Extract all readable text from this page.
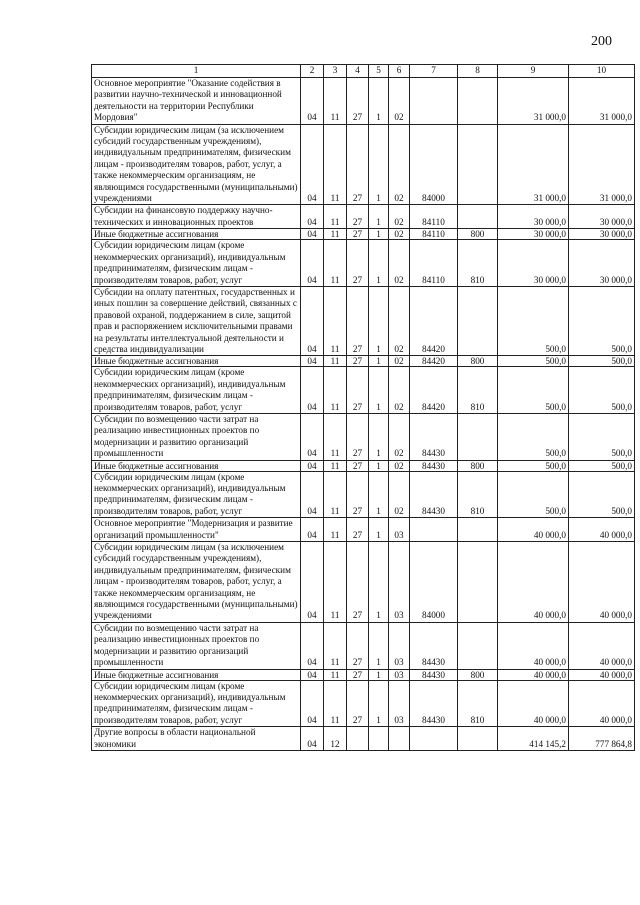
200
1	2	3	4	5	6	7	8	9	10
Основное мероприятие "Оказание содействия в развитии научно-технической и инновационной деятельности на территории Республики Мордовия"	04	11	27	1	02			31 000,0	31 000,0
Субсидии юридическим лицам (за исключением субсидий государственным учреждениям), индивидуальным предпринимателям, физическим лицам - производителям товаров, работ, услуг, а также некоммерческим организациям, не являющимся государственными (муниципальными) учреждениями	04	11	27	1	02	84000		31 000,0	31 000,0
Субсидии на финансовую поддержку научно-технических и инновационных проектов	04	11	27	1	02	84110		30 000,0	30 000,0
Иные бюджетные ассигнования	04	11	27	1	02	84110	800	30 000,0	30 000,0
Субсидии юридическим лицам (кроме некоммерческих организаций), индивидуальным предпринимателям, физическим лицам - производителям товаров, работ, услуг	04	11	27	1	02	84110	810	30 000,0	30 000,0
Субсидии на оплату патентных, государственных и иных пошлин за совершение действий, связанных с правовой охраной, поддержанием в силе, защитой прав и распоряжением исключительными правами на результаты интеллектуальной деятельности и средства индивидуализации	04	11	27	1	02	84420		500,0	500,0
Иные бюджетные ассигнования	04	11	27	1	02	84420	800	500,0	500,0
Субсидии юридическим лицам (кроме некоммерческих организаций), индивидуальным предпринимателям, физическим лицам - производителям товаров, работ, услуг	04	11	27	1	02	84420	810	500,0	500,0
Субсидии по возмещению части затрат на реализацию инвестиционных проектов по модернизации и развитию организаций промышленности	04	11	27	1	02	84430		500,0	500,0
Иные бюджетные ассигнования	04	11	27	1	02	84430	800	500,0	500,0
Субсидии юридическим лицам (кроме некоммерческих организаций), индивидуальным предпринимателям, физическим лицам - производителям товаров, работ, услуг	04	11	27	1	02	84430	810	500,0	500,0
Основное мероприятие "Модернизация и развитие организаций промышленности"	04	11	27	1	03			40 000,0	40 000,0
Субсидии юридическим лицам (за исключением субсидий государственным учреждениям), индивидуальным предпринимателям, физическим лицам - производителям товаров, работ, услуг, а также некоммерческим организациям, не являющимся государственными (муниципальными) учреждениями	04	11	27	1	03	84000		40 000,0	40 000,0
Субсидии по возмещению части затрат на реализацию инвестиционных проектов по модернизации и развитию организаций промышленности	04	11	27	1	03	84430		40 000,0	40 000,0
Иные бюджетные ассигнования	04	11	27	1	03	84430	800	40 000,0	40 000,0
Субсидии юридическим лицам (кроме некоммерческих организаций), индивидуальным предпринимателям, физическим лицам - производителям товаров, работ, услуг	04	11	27	1	03	84430	810	40 000,0	40 000,0
Другие вопросы в области национальной экономики	04	12						414 145,2	777 864,8
